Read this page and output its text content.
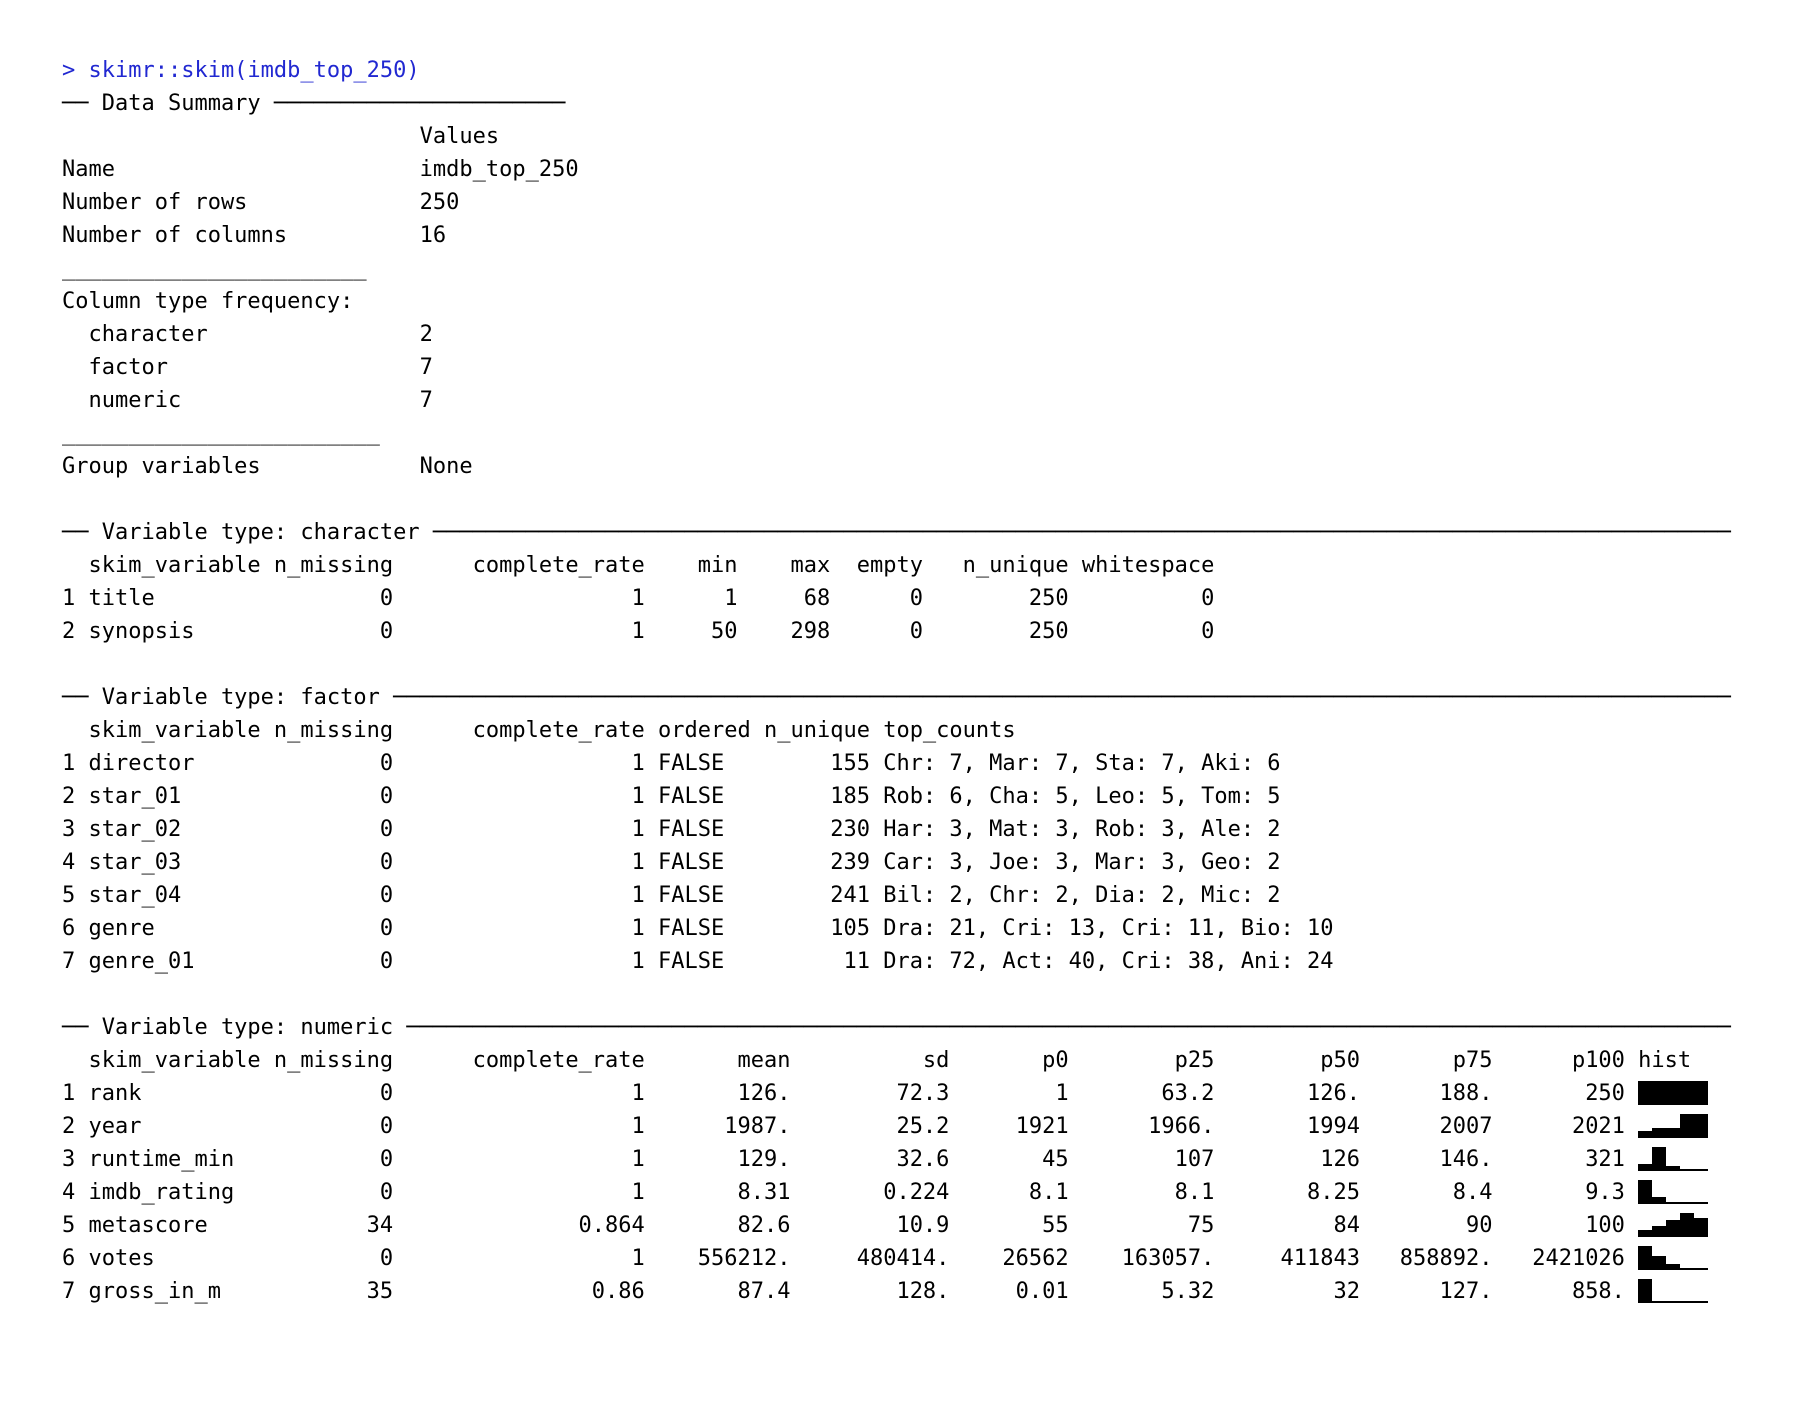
> skimr::skim(imdb_top_250)
── Data Summary ──────────────────────
Values
Name                       imdb_top_250
Number of rows             250
Number of columns          16
_______________________
Column type frequency:
character                2
factor                   7
numeric                  7
________________________
Group variables            None

── Variable type: character ──────────────────────────────────────────────────────────────────────────────────────────────────
skim_variable n_missing      complete_rate    min    max  empty   n_unique whitespace
1 title                 0                  1      1     68      0        250          0
2 synopsis              0                  1     50    298      0        250          0

── Variable type: factor ─────────────────────────────────────────────────────────────────────────────────────────────────────
skim_variable n_missing      complete_rate ordered n_unique top_counts
1 director              0                  1 FALSE        155 Chr: 7, Mar: 7, Sta: 7, Aki: 6
2 star_01               0                  1 FALSE        185 Rob: 6, Cha: 5, Leo: 5, Tom: 5
3 star_02               0                  1 FALSE        230 Har: 3, Mat: 3, Rob: 3, Ale: 2
4 star_03               0                  1 FALSE        239 Car: 3, Joe: 3, Mar: 3, Geo: 2
5 star_04               0                  1 FALSE        241 Bil: 2, Chr: 2, Dia: 2, Mic: 2
6 genre                 0                  1 FALSE        105 Dra: 21, Cri: 13, Cri: 11, Bio: 10
7 genre_01              0                  1 FALSE         11 Dra: 72, Act: 40, Cri: 38, Ani: 24

── Variable type: numeric ────────────────────────────────────────────────────────────────────────────────────────────────────
skim_variable n_missing      complete_rate       mean          sd       p0        p25        p50       p75      p100 hist
1 rank                  0                  1       126.        72.3        1       63.2       126.      188.       250
2 year                  0                  1      1987.        25.2     1921      1966.       1994      2007      2021
3 runtime_min           0                  1       129.        32.6       45        107        126      146.       321
4 imdb_rating           0                  1       8.31       0.224      8.1        8.1       8.25       8.4       9.3
5 metascore            34              0.864       82.6        10.9       55         75         84        90       100
6 votes                 0                  1    556212.     480414.    26562    163057.     411843   858892.   2421026
7 gross_in_m           35               0.86       87.4        128.     0.01       5.32         32      127.      858.
